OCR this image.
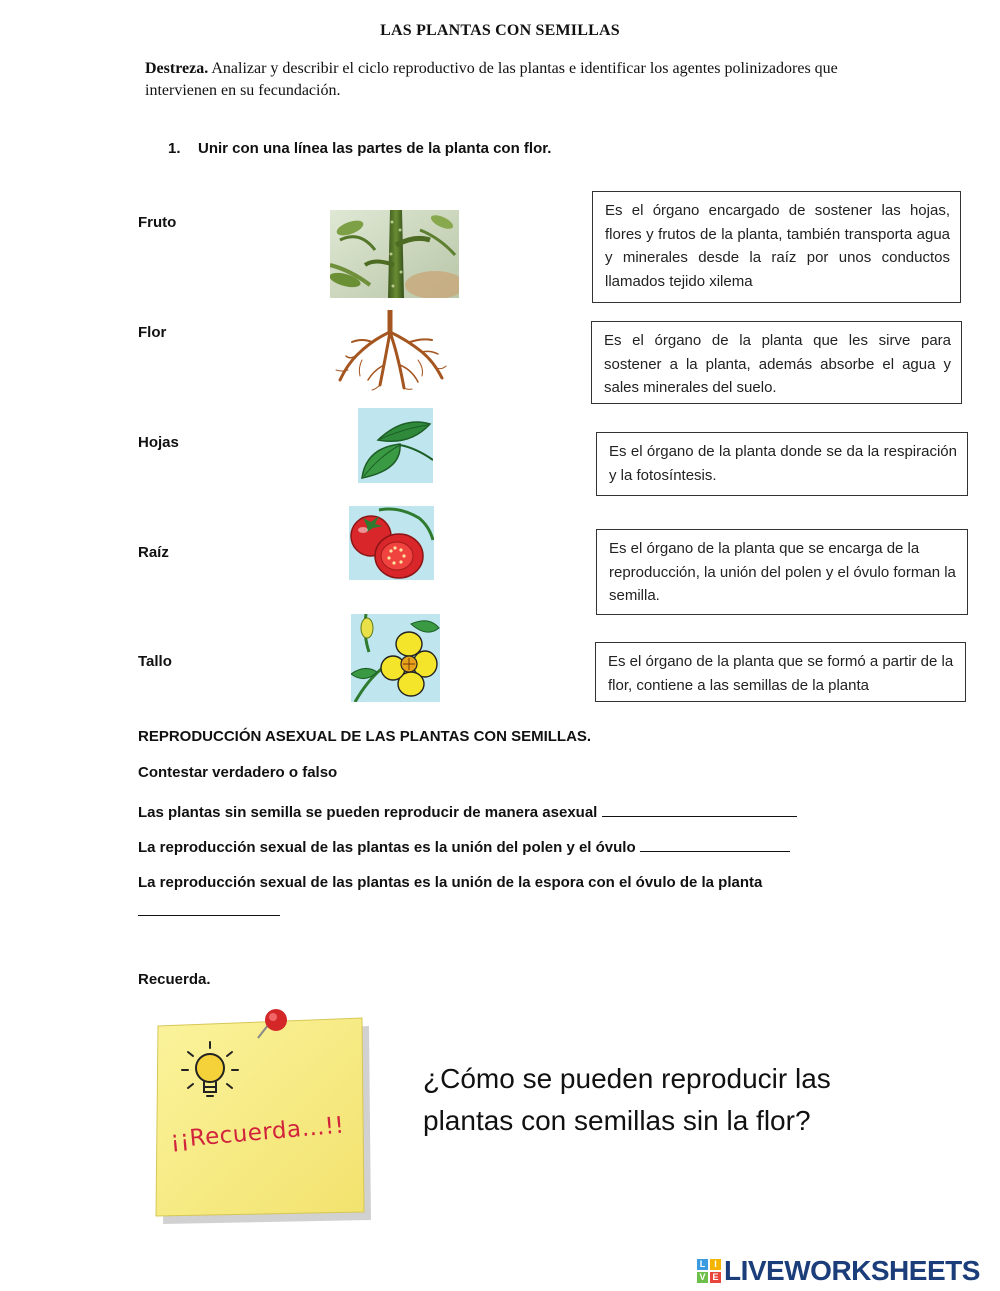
LAS PLANTAS CON SEMILLAS
Destreza. Analizar y describir el ciclo reproductivo de las plantas e identificar los agentes polinizadores que intervienen en su fecundación.
1. Unir con una línea las partes de la planta con flor.
Fruto
Flor
Hojas
Raíz
Tallo
Es el órgano encargado de sostener las hojas, flores y frutos de la planta, también transporta agua y minerales desde la raíz por unos conductos llamados tejido xilema
Es el órgano de la planta que les sirve para sostener a la planta, además absorbe el agua y sales minerales del suelo.
Es el órgano de la planta donde se da la respiración y la fotosíntesis.
Es el órgano de la planta que se encarga de la reproducción, la unión del polen y el óvulo forman la semilla.
Es el órgano de la planta que se formó a partir de la flor, contiene a las semillas de la planta
REPRODUCCIÓN ASEXUAL DE LAS PLANTAS CON SEMILLAS.
Contestar verdadero o falso
Las plantas sin semilla se pueden reproducir de manera asexual
La reproducción sexual de las plantas es la unión del polen y el óvulo
La reproducción sexual de las plantas es la unión de la espora con el óvulo de la planta
Recuerda.
¡¡Recuerda…!!
¿Cómo se pueden reproducir las plantas con semillas sin la flor?
L I
V E LIVEWORKSHEETS
